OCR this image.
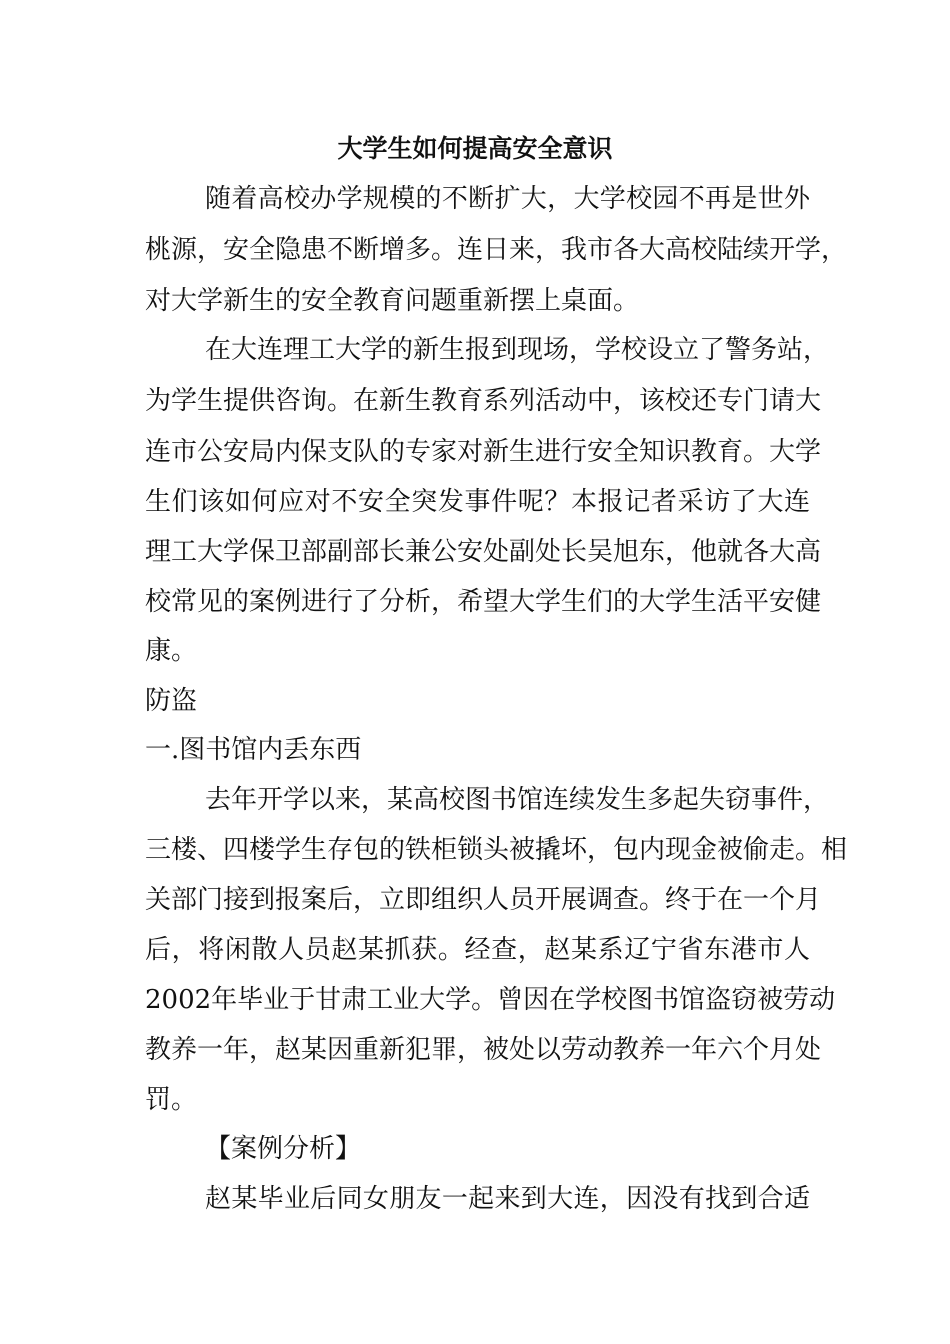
大学生如何提高安全意识
随着高校办学规模的不断扩大，大学校园不再是世外
桃源，安全隐患不断增多。连日来，我市各大高校陆续开学，
对大学新生的安全教育问题重新摆上桌面。
在大连理工大学的新生报到现场，学校设立了警务站，
为学生提供咨询。在新生教育系列活动中，该校还专门请大
连市公安局内保支队的专家对新生进行安全知识教育。大学
生们该如何应对不安全突发事件呢？本报记者采访了大连
理工大学保卫部副部长兼公安处副处长吴旭东，他就各大高
校常见的案例进行了分析，希望大学生们的大学生活平安健
康。
防盗
一.图书馆内丢东西
去年开学以来，某高校图书馆连续发生多起失窃事件，
三楼、四楼学生存包的铁柜锁头被撬坏，包内现金被偷走。相
关部门接到报案后，立即组织人员开展调查。终于在一个月
后，将闲散人员赵某抓获。经查，赵某系辽宁省东港市人
2002年毕业于甘肃工业大学。曾因在学校图书馆盗窃被劳动
教养一年，赵某因重新犯罪，被处以劳动教养一年六个月处
罚。
【案例分析】
赵某毕业后同女朋友一起来到大连，因没有找到合适
